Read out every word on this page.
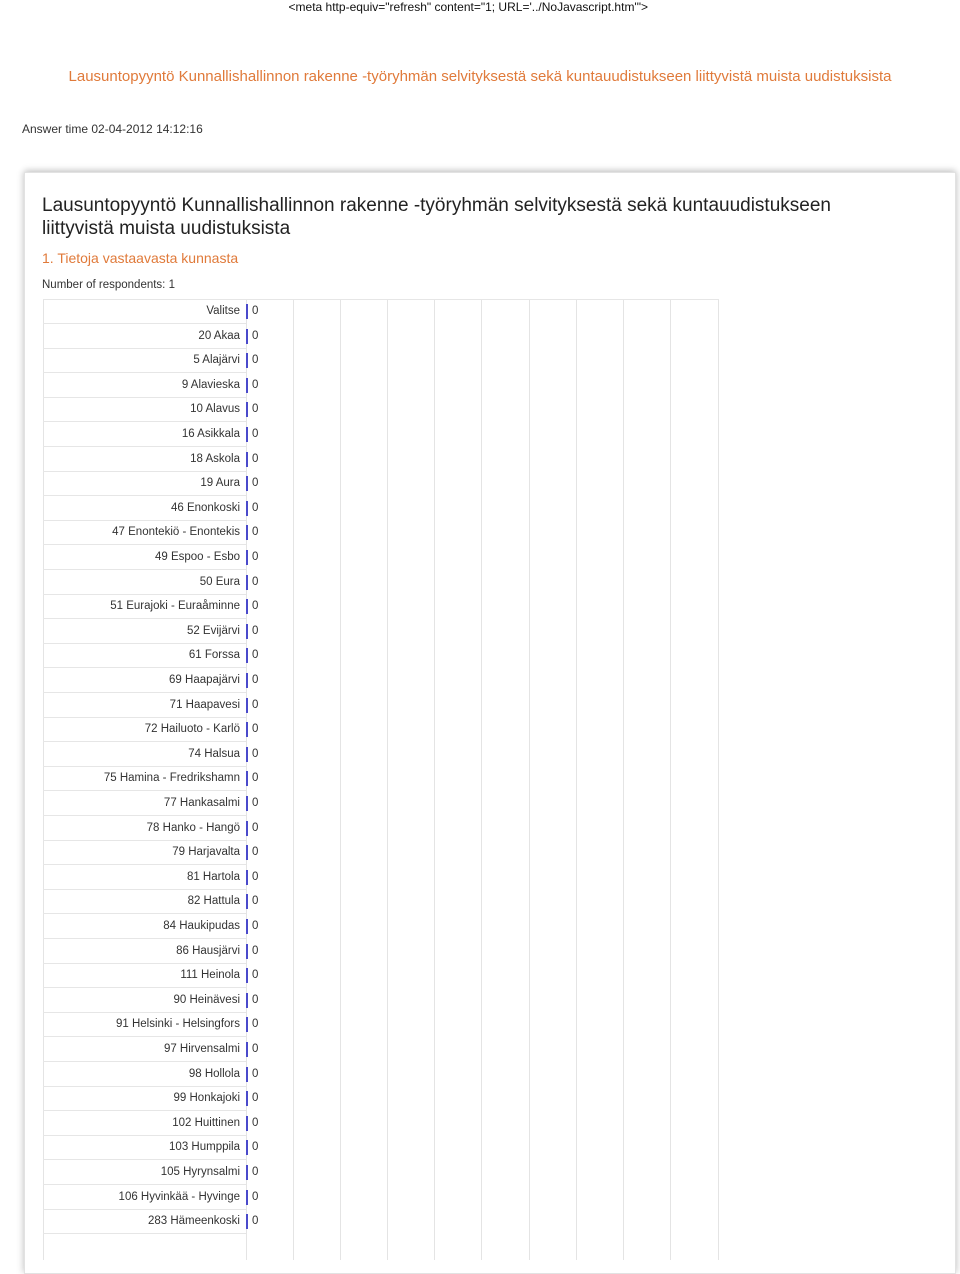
<meta http-equiv="refresh" content="1; URL='../NoJavascript.htm'">
Lausuntopyyntö Kunnallishallinnon rakenne -työryhmän selvityksestä sekä kuntauudistukseen liittyvistä muista uudistuksista
Answer time 02-04-2012 14:12:16
Lausuntopyyntö Kunnallishallinnon rakenne -työryhmän selvityksestä sekä kuntauudistukseen liittyvistä muista uudistuksista
1. Tietoja vastaavasta kunnasta
Number of respondents: 1
Valitse 0
20 Akaa 0
5 Alajärvi 0
9 Alavieska 0
10 Alavus 0
16 Asikkala 0
18 Askola 0
19 Aura 0
46 Enonkoski 0
47 Enontekiö - Enontekis 0
49 Espoo - Esbo 0
50 Eura 0
51 Eurajoki - Euraåminne 0
52 Evijärvi 0
61 Forssa 0
69 Haapajärvi 0
71 Haapavesi 0
72 Hailuoto - Karlö 0
74 Halsua 0
75 Hamina - Fredrikshamn 0
77 Hankasalmi 0
78 Hanko - Hangö 0
79 Harjavalta 0
81 Hartola 0
82 Hattula 0
84 Haukipudas 0
86 Hausjärvi 0
111 Heinola 0
90 Heinävesi 0
91 Helsinki - Helsingfors 0
97 Hirvensalmi 0
98 Hollola 0
99 Honkajoki 0
102 Huittinen 0
103 Humppila 0
105 Hyrynsalmi 0
106 Hyvinkää - Hyvinge 0
283 Hämeenkoski 0
